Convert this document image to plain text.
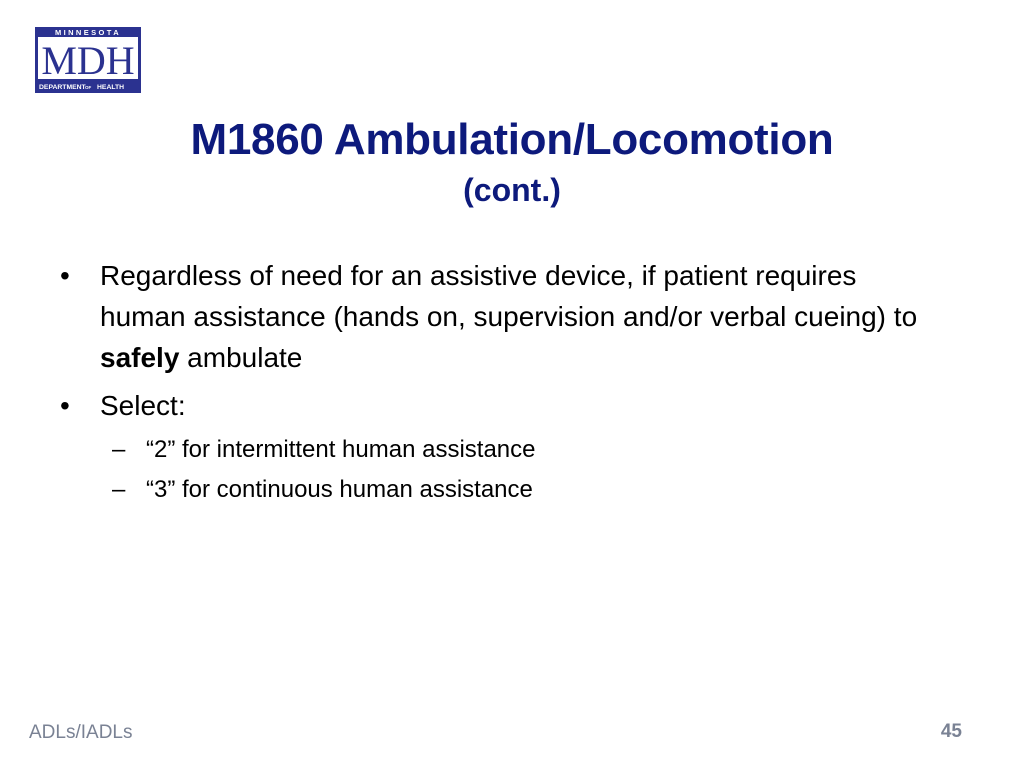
MINNESOTA
MDH
DEPARTMENT OF HEALTH
M1860 Ambulation/Locomotion
(cont.)

•	Regardless of need for an assistive device, if patient requires human assistance (hands on, supervision and/or verbal cueing) to safely ambulate

•	Select:

– “2” for intermittent human assistance

– “3” for continuous human assistance

ADLs/IADLs	45
